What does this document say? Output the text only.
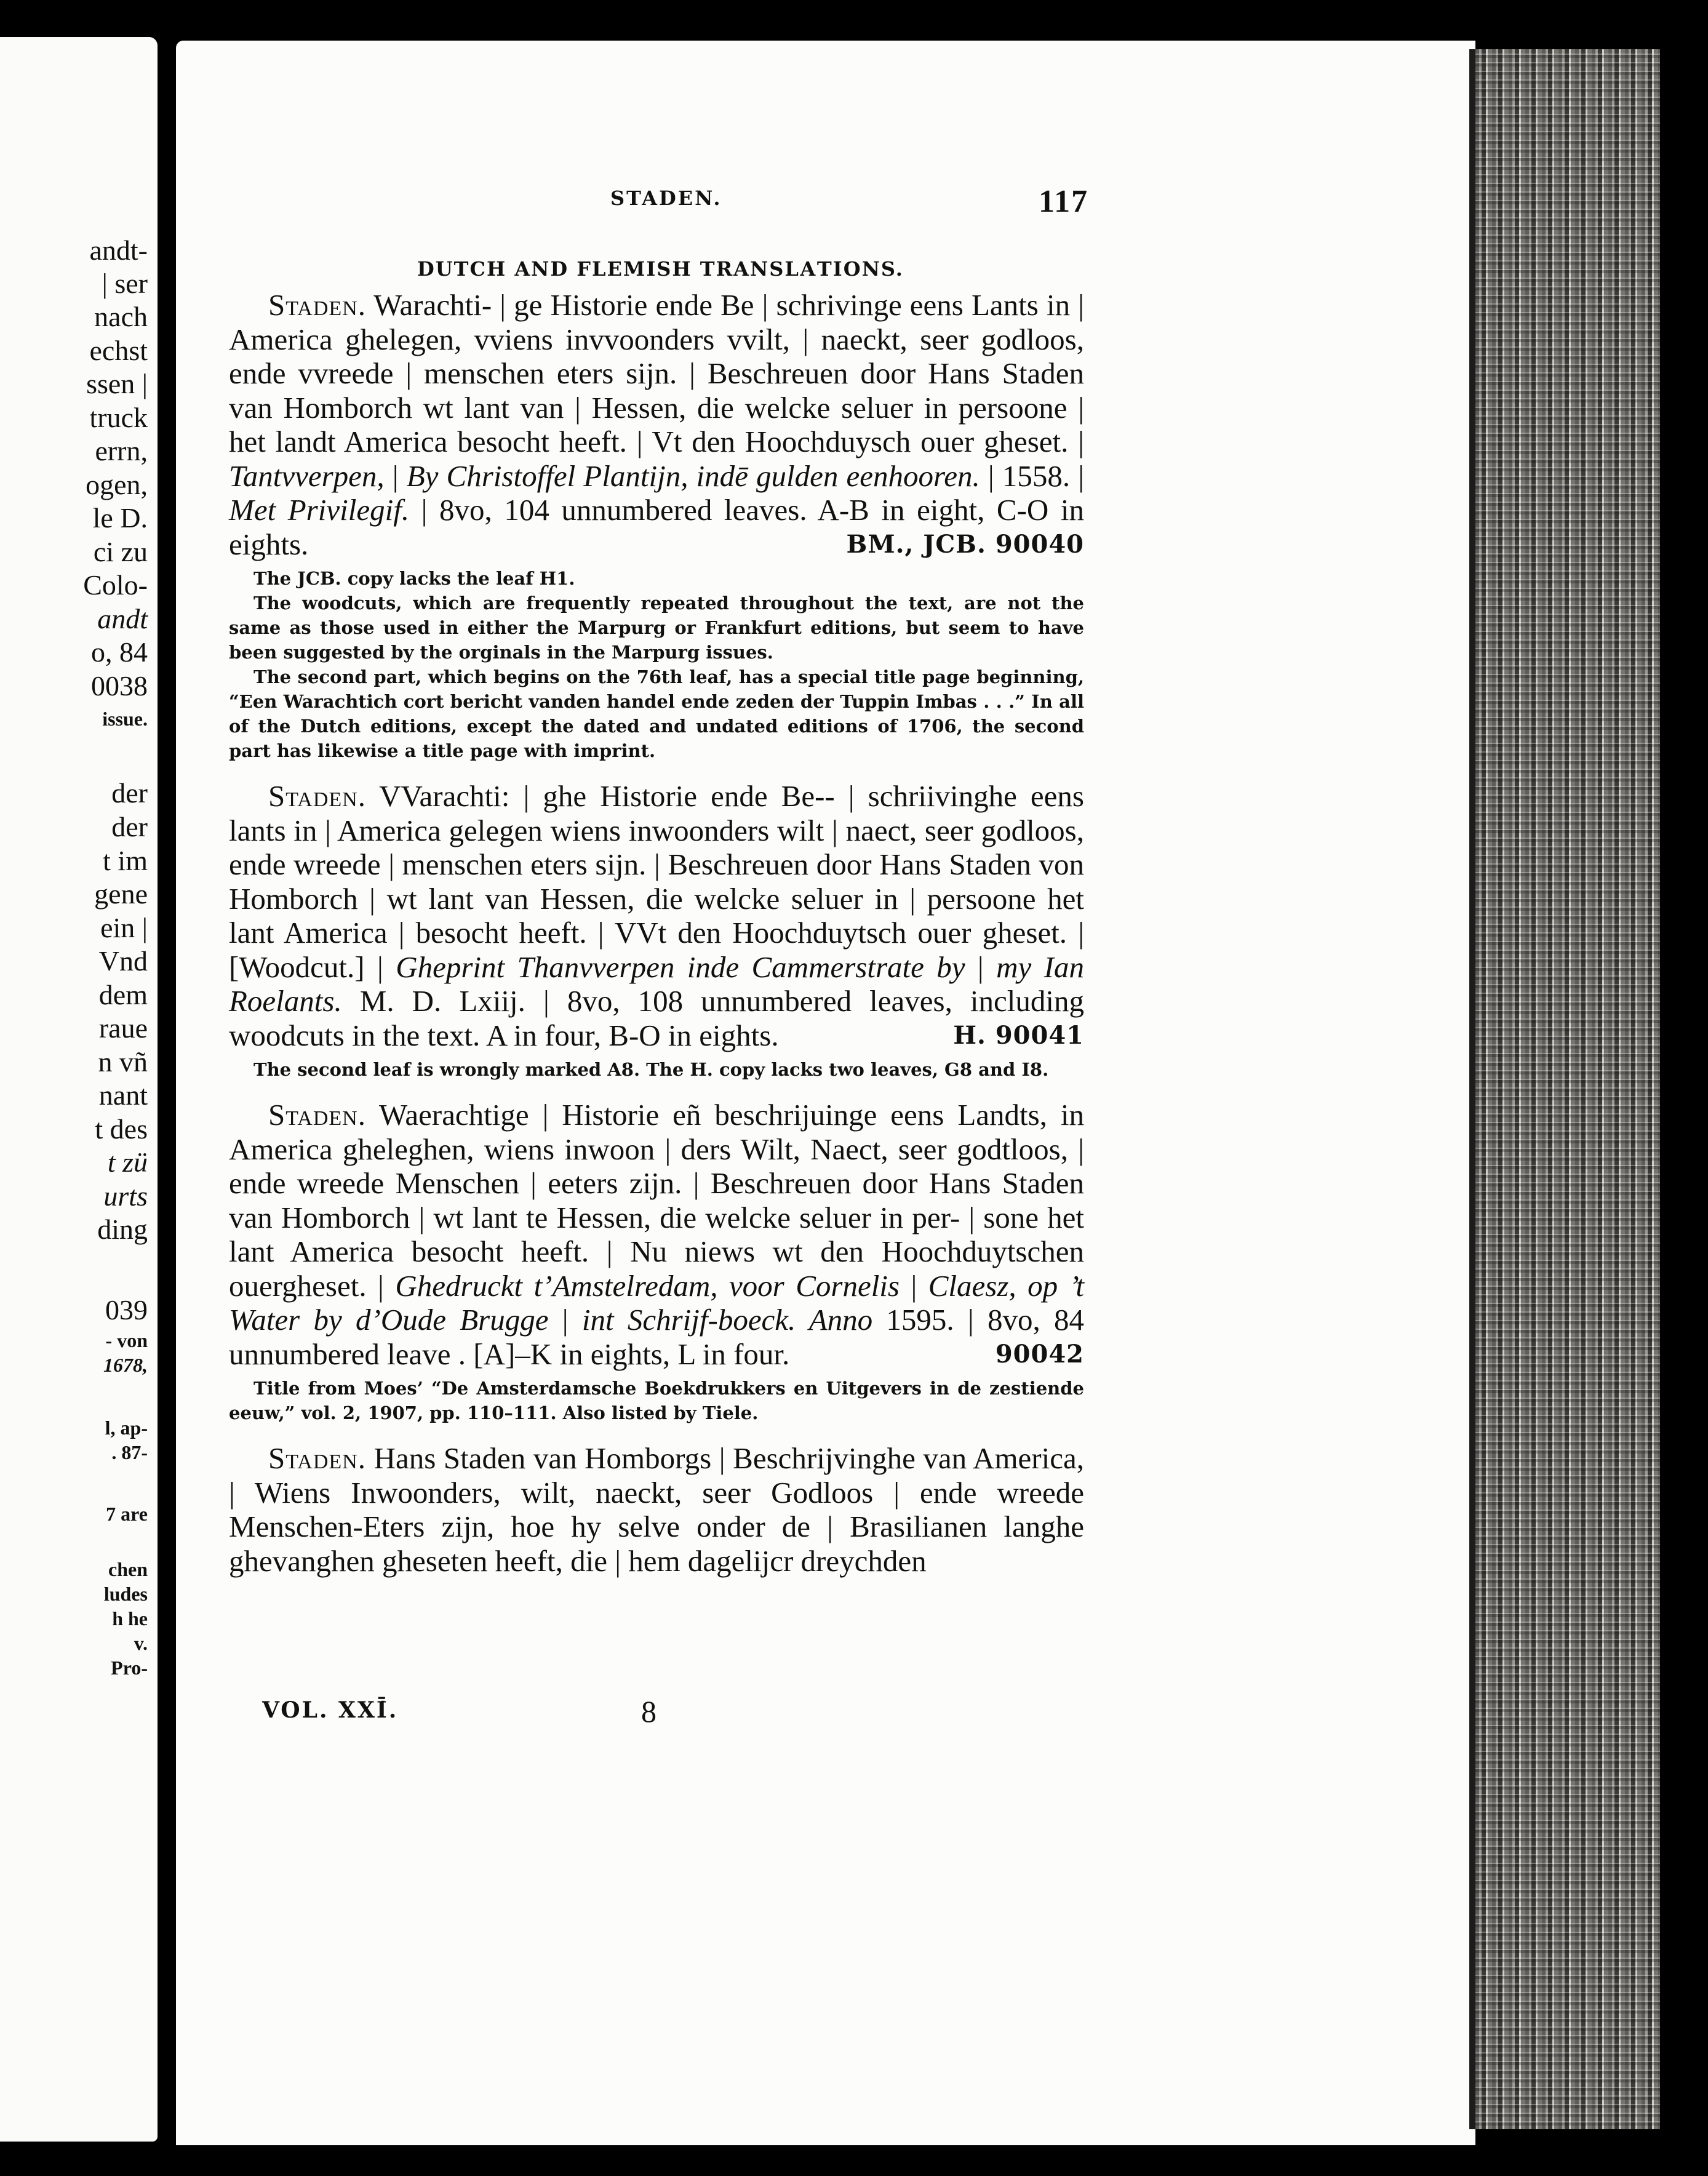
andt-

| ser

nach

echst

ssen |

truck

errn,

ogen,

le D.

ci zu

Colo-

andt

o, 84

0038

issue.

der

der

t im

gene

ein |

Vnd

dem

raue

n vñ

nant

t des

t zü

urts

ding

039

- von

1678,

l, ap-

. 87-

7 are

chen

ludes

h he

v.

Pro-

STADEN.	117

DUTCH AND FLEMISH TRANSLАTIONS.

Staden. Warachti- | ge Historie ende Be | schrivinge eens Lants in | America ghelegen, vviens invvoonders vvilt, | naeckt, seer godloos, ende vvreede | menschen eters sijn. | Beschreuen door Hans Staden van Homborch wt lant van | Hessen, die welcke seluer in persoone | het landt America besocht heeft. | Vt den Hoochduysch ouer gheset. | Tantvverpen, | By Christoffel Plantijn, indē gulden eenhooren. | 1558. | Met Privilegif. | 8vo, 104 unnumbered leaves. A-B in eight, C-O in eights.	BM., JCB. 90040

The JCB. copy lacks the leaf H1.

The woodcuts, which are frequently repeated throughout the text, are not the same as those used in either the Marpurg or Frankfurt editions, but seem to have been suggested by the orginals in the Marpurg issues.

The second part, which begins on the 76th leaf, has a special title page beginning, “Een Warachtich cort bericht vanden handel ende zeden der Tuppin Imbas . . .” In all of the Dutch editions, except the dated and undated editions of 1706, the second part has likewise a title page with imprint.

Staden. VVarachti: | ghe Historie ende Be-- | schriivinghe eens lants in | America gelegen wiens inwoonders wilt | naect, seer godloos, ende wreede | menschen eters sijn. | Beschreuen door Hans Staden von Homborch | wt lant van Hessen, die welcke seluer in | persoone het lant America | besocht heeft. | VVt den Hoochduytsch ouer gheset. | [Woodcut.] | Gheprint Thanvverpen inde Cammerstrate by | my Ian Roelants. M. D. Lxiij. | 8vo, 108 unnumbered leaves, including woodcuts in the text. A in four, B-O in eights.	H. 90041

The second leaf is wrongly marked A8. The H. copy lacks two leaves, G8 and I8.

Staden. Waerachtige | Historie eñ beschrijuinge eens Landts, in America gheleghen, wiens inwoon | ders Wilt, Naect, seer godtloos, | ende wreede Menschen | eeters zijn. | Beschreuen door Hans Staden van Homborch | wt lant te Hessen, die welcke seluer in per- | sone het lant America besocht heeft. | Nu niews wt den Hoochduytschen ouergheset. | Ghedruckt t’Amstelredam, voor Cornelis | Claesz, op ’t Water by d’Oude Brugge | int Schrijf-boeck. Anno 1595. | 8vo, 84 unnumbered leave . [A]–K in eights, L in four.	90042

Title from Moes’ “De Amsterdamsche Boekdrukkers en Uitgevers in de zestiende eeuw,” vol. 2, 1907, pp. 110–111. Also listed by Tiele.

Staden. Hans Staden van Homborgs | Beschrijvinghe van America, | Wiens Inwoonders, wilt, naeckt, seer Godloos | ende wreede Menschen-Eters zijn, hoe hy selve onder de | Brasilianen langhe ghevanghen gheseten heeft, die | hem dagelijcr dreychden

VOL. XXĪ́.	8
